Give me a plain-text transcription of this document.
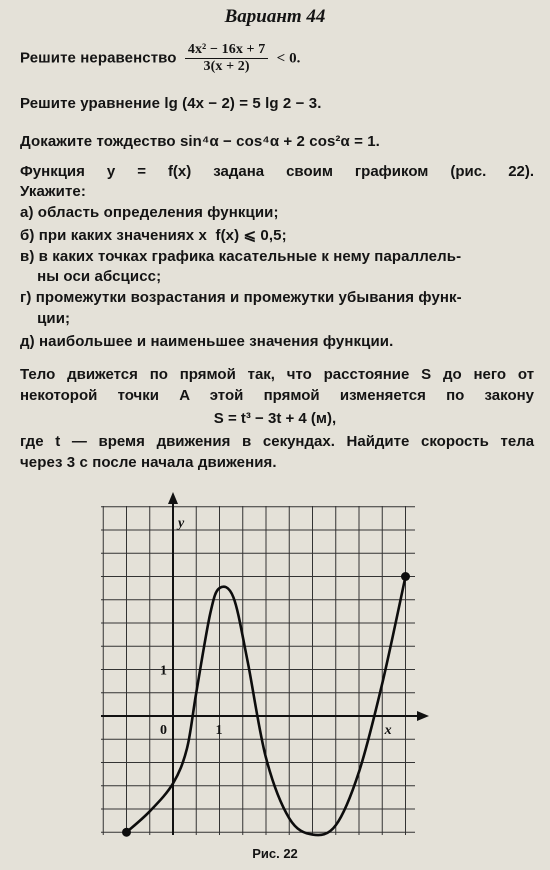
Вариант 44
Решите неравенство $\frac{\text{4x² − 16x + 7}}{3(x + 2)} < 0$.
Решите уравнение lg (4x − 2) = 5 lg 2 − 3.
Докажите тождество sin⁴α − cos⁴α + 2 cos²α = 1.
Функция y = f(x) задана своим графиком (рис. 22).
Укажите:
а) область определения функции;
б) при каких значениях x  f(x) ⩽ 0,5;
в) в каких точках графика касательные к нему параллель-
ны оси абсцисс;
г) промежутки возрастания и промежутки убывания функ-
ции;
д) наибольшее и наименьшее значения функции.
Тело движется по прямой так, что расстояние S до него от
некоторой точки A этой прямой изменяется по закону
S = t³ − 3t + 4 (м),
где t — время движения в секундах. Найдите скорость тела
через 3 с после начала движения.
x
y
0	1
1
Рис. 22
